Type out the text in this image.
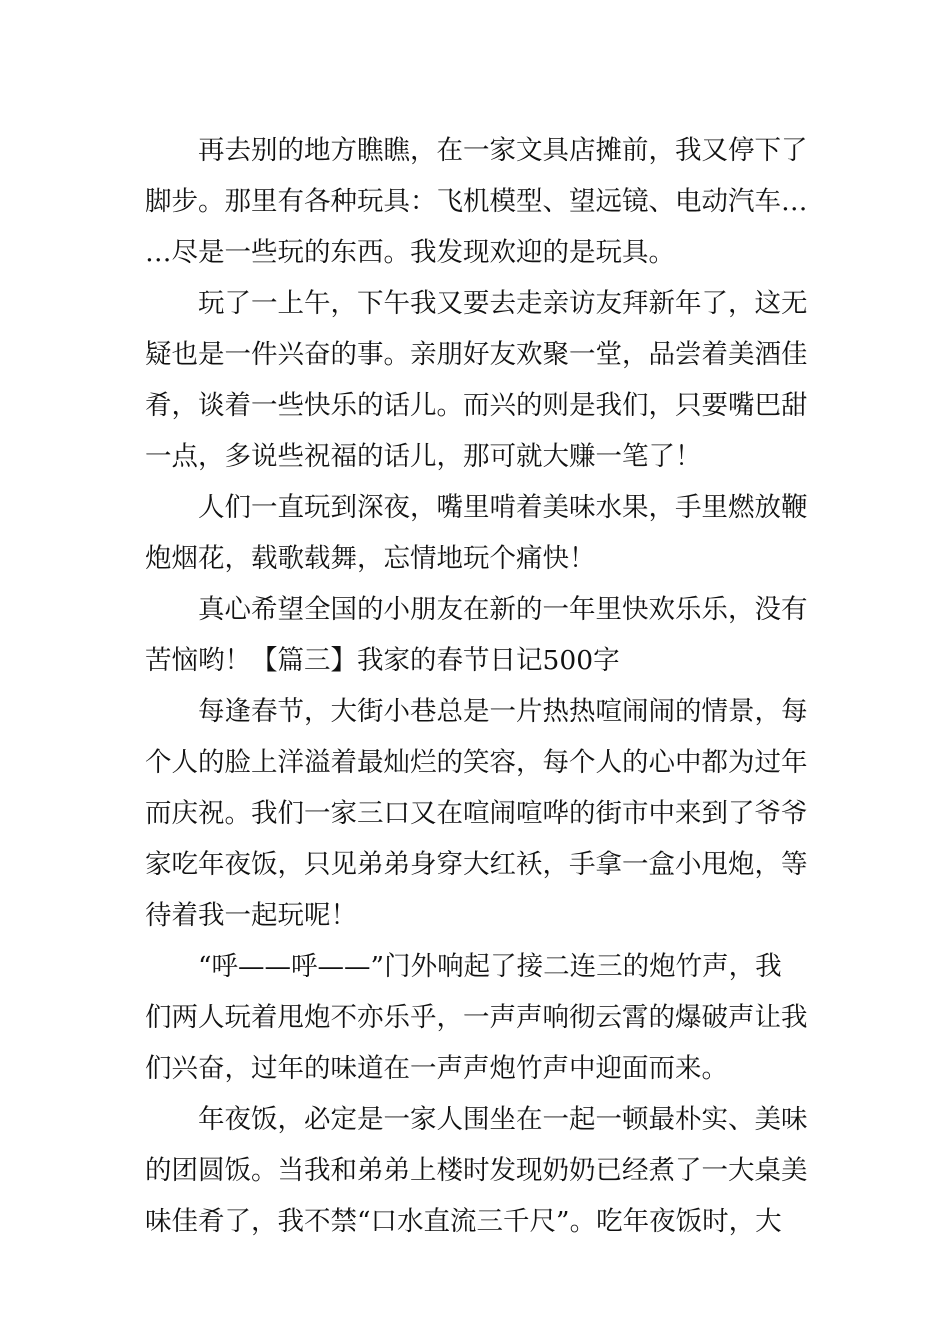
再去别的地方瞧瞧，在一家文具店摊前，我又停下了
脚步。那里有各种玩具：飞机模型、望远镜、电动汽车…
…尽是一些玩的东西。我发现欢迎的是玩具。
玩了一上午，下午我又要去走亲访友拜新年了，这无
疑也是一件兴奋的事。亲朋好友欢聚一堂，品尝着美酒佳
肴，谈着一些快乐的话儿。而兴的则是我们，只要嘴巴甜
一点，多说些祝福的话儿，那可就大赚一笔了！
人们一直玩到深夜，嘴里啃着美味水果，手里燃放鞭
炮烟花，载歌载舞，忘情地玩个痛快！
真心希望全国的小朋友在新的一年里快欢乐乐，没有
苦恼哟！【篇三】我家的春节日记500字
每逢春节，大街小巷总是一片热热喧闹闹的情景，每
个人的脸上洋溢着最灿烂的笑容，每个人的心中都为过年
而庆祝。我们一家三口又在喧闹喧哗的街市中来到了爷爷
家吃年夜饭，只见弟弟身穿大红袄，手拿一盒小甩炮，等
待着我一起玩呢！
“呼——呼——”门外响起了接二连三的炮竹声，我
们两人玩着甩炮不亦乐乎，一声声响彻云霄的爆破声让我
们兴奋，过年的味道在一声声炮竹声中迎面而来。
年夜饭，必定是一家人围坐在一起一顿最朴实、美味
的团圆饭。当我和弟弟上楼时发现奶奶已经煮了一大桌美
味佳肴了，我不禁“口水直流三千尺”。吃年夜饭时，大
